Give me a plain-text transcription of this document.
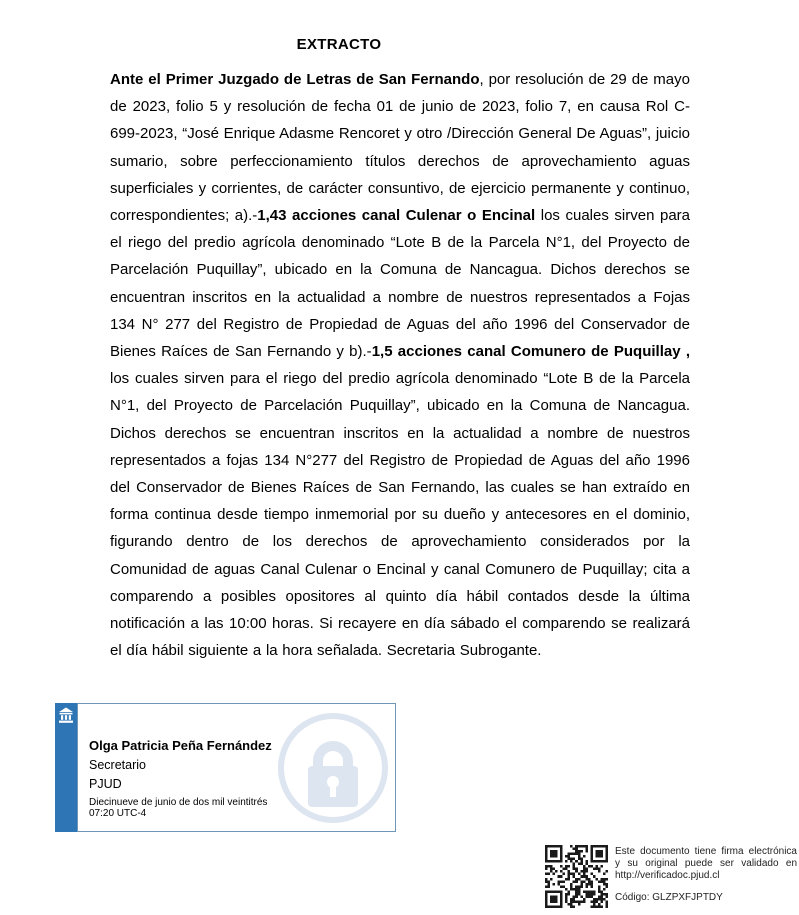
EXTRACTO

Ante el Primer Juzgado de Letras de San Fernando, por resolución de 29 de mayo de 2023, folio 5 y resolución de fecha 01 de junio de 2023, folio 7, en causa Rol C-699-2023, “José Enrique Adasme Rencoret y otro /Dirección General De Aguas”, juicio sumario, sobre perfeccionamiento títulos derechos de aprovechamiento aguas superficiales y corrientes, de carácter consuntivo, de ejercicio permanente y continuo, correspondientes; a).-1,43 acciones canal Culenar o Encinal los cuales sirven para el riego del predio agrícola denominado “Lote B de la Parcela N°1, del Proyecto de Parcelación Puquillay”, ubicado en la Comuna de Nancagua. Dichos derechos se encuentran inscritos en la actualidad a nombre de nuestros representados a Fojas 134 N° 277 del Registro de Propiedad de Aguas del año 1996 del Conservador de Bienes Raíces de San Fernando y b).-1,5 acciones canal Comunero de Puquillay , los cuales sirven para el riego del predio agrícola denominado “Lote B de la Parcela N°1, del Proyecto de Parcelación Puquillay”, ubicado en la Comuna de Nancagua. Dichos derechos se encuentran inscritos en la actualidad a nombre de nuestros representados a fojas 134 N°277 del Registro de Propiedad de Aguas del año 1996 del Conservador de Bienes Raíces de San Fernando, las cuales se han extraído en forma continua desde tiempo inmemorial por su dueño y antecesores en el dominio, figurando dentro de los derechos de aprovechamiento considerados por la Comunidad de aguas Canal Culenar o Encinal y canal Comunero de Puquillay; cita a comparendo a posibles opositores al quinto día hábil contados desde la última notificación a las 10:00 horas. Si recayere en día sábado el comparendo se realizará el día hábil siguiente a la hora señalada. Secretaria Subrogante.

Olga Patricia Peña Fernández
Secretario
PJUD
Diecinueve de junio de dos mil veintitrés
07:20 UTC-4
Este documento tiene firma electrónica
y su original puede ser validado en
http://verificadoc.pjud.cl
Código: GLZPXFJPTDY
